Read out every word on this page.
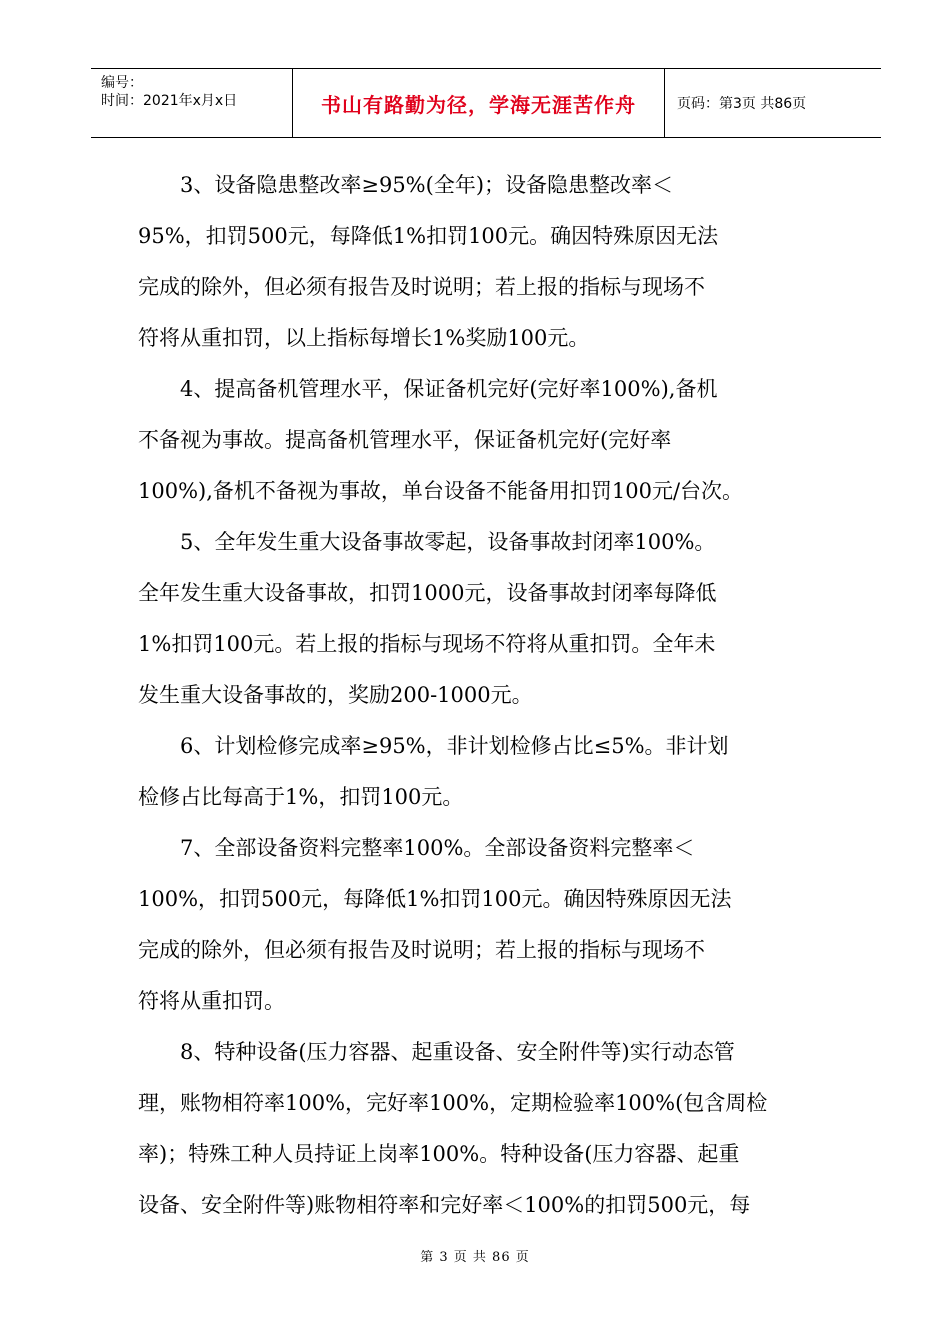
编号：
时间：2021年x月x日	书山有路勤为径，学海无涯苦作舟	页码：第3页 共86页

　　3、设备隐患整改率≥95%(全年)；设备隐患整改率＜
95%，扣罚500元，每降低1%扣罚100元。确因特殊原因无法
完成的除外，但必须有报告及时说明；若上报的指标与现场不
符将从重扣罚，以上指标每增长1%奖励100元。

　　4、提高备机管理水平，保证备机完好(完好率100%),备机
不备视为事故。提高备机管理水平，保证备机完好(完好率
100%),备机不备视为事故，单台设备不能备用扣罚100元/台次。

　　5、全年发生重大设备事故零起，设备事故封闭率100%。
全年发生重大设备事故，扣罚1000元，设备事故封闭率每降低
1%扣罚100元。若上报的指标与现场不符将从重扣罚。全年未
发生重大设备事故的，奖励200-1000元。

　　6、计划检修完成率≥95%，非计划检修占比≤5%。非计划
检修占比每高于1%，扣罚100元。

　　7、全部设备资料完整率100%。全部设备资料完整率＜
100%，扣罚500元，每降低1%扣罚100元。确因特殊原因无法
完成的除外，但必须有报告及时说明；若上报的指标与现场不
符将从重扣罚。

　　8、特种设备(压力容器、起重设备、安全附件等)实行动态管
理，账物相符率100%，完好率100%，定期检验率100%(包含周检
率)；特殊工种人员持证上岗率100%。特种设备(压力容器、起重
设备、安全附件等)账物相符率和完好率＜100%的扣罚500元，每

第 3 页 共 86 页
